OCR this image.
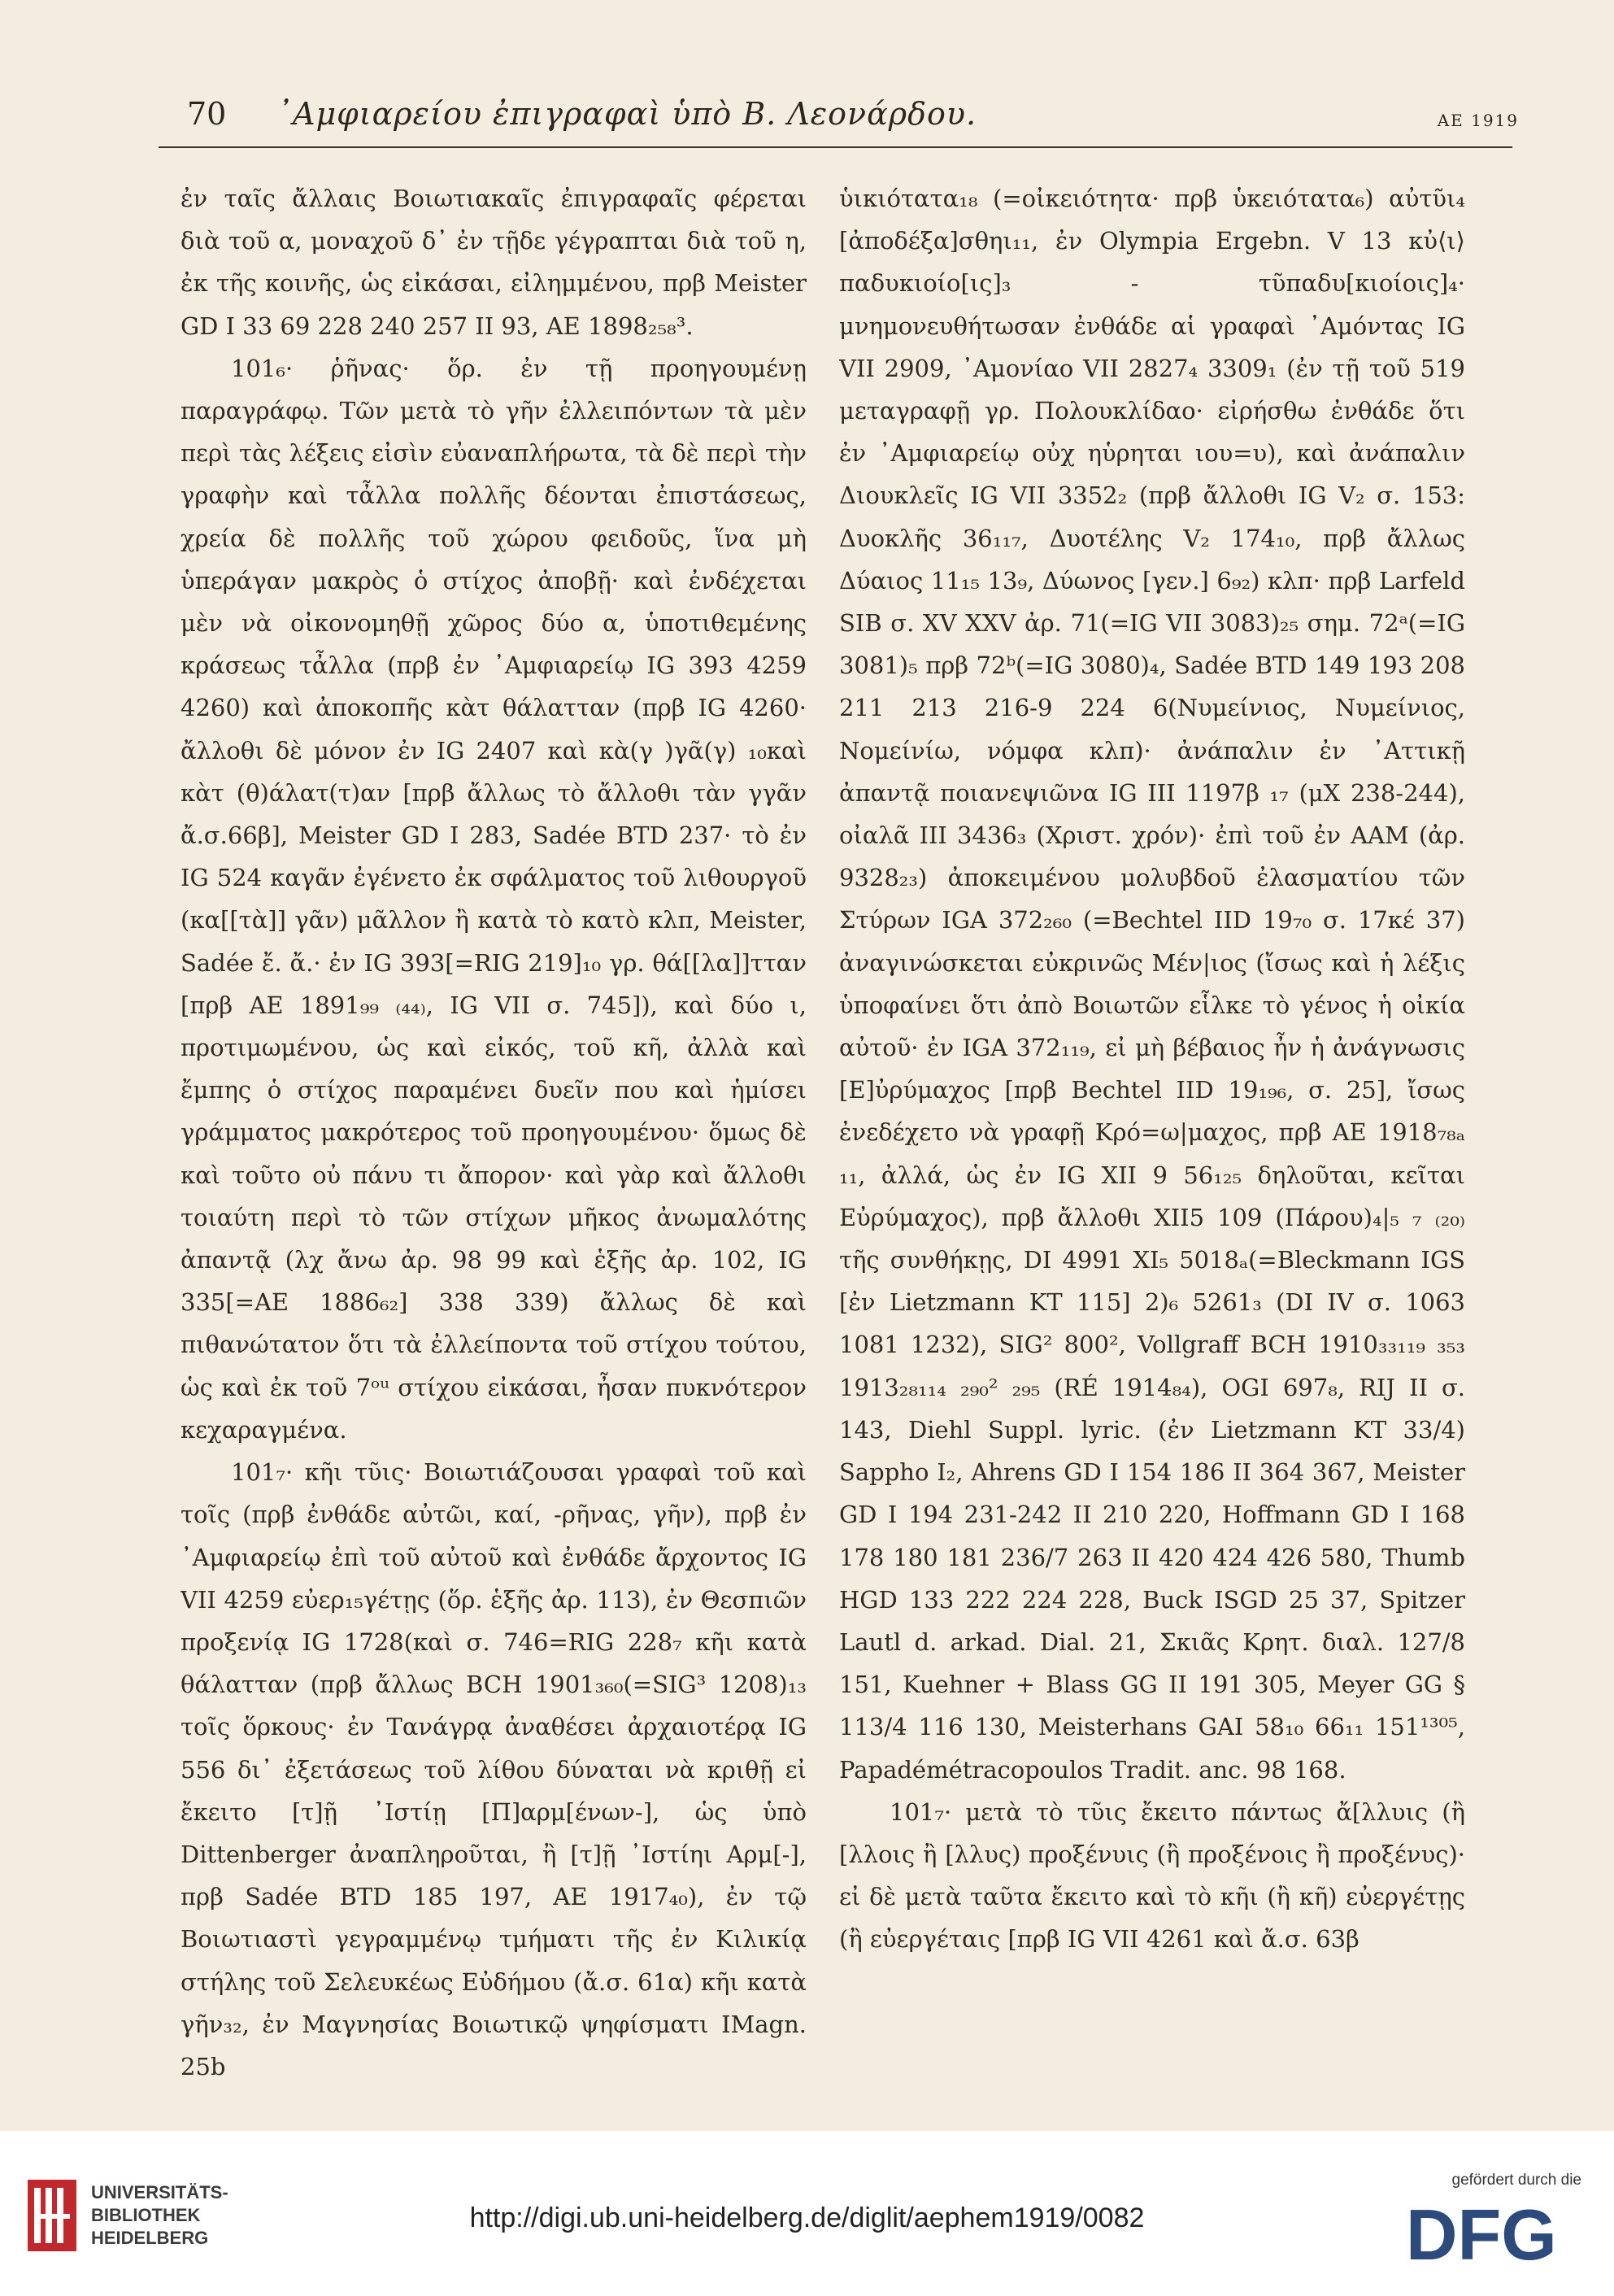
70 ᾿Αμφιαρείου ἐπιγραφαὶ ὑπὸ Β. Λεονάρδου.	ΑΕ 1919

ἐν ταῖς ἄλλαις Βοιωτιακαῖς ἐπιγραφαῖς φέρεται διὰ τοῦ α, μοναχοῦ δ᾿ ἐν τῇδε γέγραπται διὰ τοῦ η, ἐκ τῆς κοινῆς, ὡς εἰκάσαι, εἰλημμένου, πρβ Meister GD I 33 69 228 240 257 II 93, AE 1898₂₅₈³.

101₆· ῥῆνας· ὅρ. ἐν τῇ προηγουμένῃ παραγράφῳ. Τῶν μετὰ τὸ γῆν ἐλλειπόντων τὰ μὲν περὶ τὰς λέξεις εἰσὶν εὐαναπλήρωτα, τὰ δὲ περὶ τὴν γραφὴν καὶ τἆλλα πολλῆς δέονται ἐπιστάσεως, χρεία δὲ πολλῆς τοῦ χώρου φειδοῦς, ἵνα μὴ ὑπεράγαν μακρὸς ὁ στίχος ἀποβῇ· καὶ ἐνδέχεται μὲν νὰ οἰκονομηθῇ χῶρος δύο α, ὑποτιθεμένης κράσεως τἆλλα (πρβ ἐν ᾿Αμφιαρείῳ IG 393 4259 4260) καὶ ἀποκοπῆς κὰτ θάλατταν (πρβ IG 4260· ἄλλοθι δὲ μόνον ἐν IG 2407 καὶ κὰ(γ )γᾶ(γ) ₁₀καὶ κὰτ (θ)άλατ(τ)αν [πρβ ἄλλως τὸ ἄλλοθι τὰν γγᾶν ἄ.σ.66β], Meister GD I 283, Sadée BTD 237· τὸ ἐν IG 524 καγᾶν ἐγένετο ἐκ σφάλματος τοῦ λιθουργοῦ (κα[[τὰ]] γᾶν) μᾶλλον ἢ κατὰ τὸ κατὸ κλπ, Meister, Sadée ἔ. ἄ.· ἐν IG 393[=RIG 219]₁₀ γρ. θά[[λα]]τταν [πρβ AE 1891₉₉ ₍₄₄₎, IG VII σ. 745]), καὶ δύο ι, προτιμωμένου, ὡς καὶ εἰκός, τοῦ κῆ, ἀλλὰ καὶ ἔμπης ὁ στίχος παραμένει δυεῖν που καὶ ἡμίσει γράμματος μακρότερος τοῦ προηγουμένου· ὅμως δὲ καὶ τοῦτο οὐ πάνυ τι ἄπορον· καὶ γὰρ καὶ ἄλλοθι τοιαύτη περὶ τὸ τῶν στίχων μῆκος ἀνωμαλότης ἀπαντᾷ (λχ ἄνω ἀρ. 98 99 καὶ ἑξῆς ἀρ. 102, IG 335[=AE 1886₆₂] 338 339) ἄλλως δὲ καὶ πιθανώτατον ὅτι τὰ ἐλλείποντα τοῦ στίχου τούτου, ὡς καὶ ἐκ τοῦ 7ᵒᵘ στίχου εἰκάσαι, ἦσαν πυκνότερον κεχαραγμένα.

101₇· κῆι τῦις· Βοιωτιάζουσαι γραφαὶ τοῦ καὶ τοῖς (πρβ ἐνθάδε αὐτῶι, καί, -ρῆνας, γῆν), πρβ ἐν ᾿Αμφιαρείῳ ἐπὶ τοῦ αὐτοῦ καὶ ἐνθάδε ἄρχοντος IG VII 4259 εὐερ₁₅γέτῃς (ὅρ. ἑξῆς ἀρ. 113), ἐν Θεσπιῶν προξενίᾳ IG 1728(καὶ σ. 746=RIG 228₇ κῆι κατὰ θάλατταν (πρβ ἄλλως BCH 1901₃₆₀(=SIG³ 1208)₁₃ τοῖς ὅρκους· ἐν Τανάγρᾳ ἀναθέσει ἀρχαιοτέρᾳ IG 556 δι᾿ ἐξετάσεως τοῦ λίθου δύναται νὰ κριθῇ εἰ ἔκειτο [τ]ῇ ᾿Ιστίῃ [Π]αρμ[ένων-], ὡς ὑπὸ Dittenberger ἀναπληροῦται, ἢ [τ]ῇ ᾿Ιστίηι Αρμ[-], πρβ Sadée BTD 185 197, AE 1917₄₀), ἐν τῷ Βοιωτιαστὶ γεγραμμένῳ τμήματι τῆς ἐν Κιλικίᾳ στήλης τοῦ Σελευκέως Εὐδήμου (ἄ.σ. 61α) κῆι κατὰ γῆν₃₂, ἐν Μαγνησίας Βοιωτικῷ ψηφίσματι IMagn. 25b

ὑικιότατα₁₈ (=οἰκειότητα· πρβ ὑκειότατα₆) αὐτῦι₄ [ἀποδέξα]σθηι₁₁, ἐν Olympia Ergebn. V 13 κὐ⟨ι⟩παδυκιοίο[ις]₃ - τῦπαδυ[κιοίοις]₄· μνημονευθήτωσαν ἐνθάδε αἱ γραφαὶ ᾿Αμόντας IG VII 2909, ᾿Αμονίαο VII 2827₄ 3309₁ (ἐν τῇ τοῦ 519 μεταγραφῇ γρ. Πολουκλίδαο· εἰρήσθω ἐνθάδε ὅτι ἐν ᾿Αμφιαρείῳ οὐχ ηὑρηται ιου=υ), καὶ ἀνάπαλιν Διουκλεῖς IG VII 3352₂ (πρβ ἄλλοθι IG V₂ σ. 153: Δυοκλῆς 36₁₁₇, Δυοτέλης V₂ 174₁₀, πρβ ἄλλως Δύαιος 11₁₅ 13₉, Δύωνος [γεν.] 6₉₂) κλπ· πρβ Larfeld SIB σ. XV XXV ἀρ. 71(=IG VII 3083)₂₅ σημ. 72ᵃ(=IG 3081)₅ πρβ 72ᵇ(=IG 3080)₄, Sadée BTD 149 193 208 211 213 216-9 224 6(Νυμείνιος, Νυμείνιος, Νομείνίω, νόμφα κλπ)· ἀνάπαλιν ἐν ᾿Αττικῇ ἀπαντᾷ ποιανεψιῶνα IG III 1197β ₁₇ (μΧ 238-244), οἰαλᾶ III 3436₃ (Χριστ. χρόν)· ἐπὶ τοῦ ἐν ΑΑΜ (ἀρ. 9328₂₃) ἀποκειμένου μολυβδοῦ ἐλασματίου τῶν Στύρων IGA 372₂₆₀ (=Bechtel IID 19₇₀ σ. 17κέ 37) ἀναγινώσκεται εὐκρινῶς Μέν|ιος (ἴσως καὶ ἡ λέξις ὑποφαίνει ὅτι ἀπὸ Βοιωτῶν εἷλκε τὸ γένος ἡ οἰκία αὐτοῦ· ἐν IGA 372₁₁₉, εἰ μὴ βέβαιος ἦν ἡ ἀνάγνωσις [Ε]ὐρύμαχος [πρβ Bechtel IID 19₁₉₆, σ. 25], ἴσως ἐνεδέχετο νὰ γραφῇ Κρό=ω|μαχος, πρβ AE 1918₇₈ₐ ₁₁, ἀλλά, ὡς ἐν IG XII 9 56₁₂₅ δηλοῦται, κεῖται Εὐρύμαχος), πρβ ἄλλοθι XII5 109 (Πάρου)₄|₅ ₇ ₍₂₀₎ τῆς συνθήκῃς, DI 4991 XI₅ 5018ₐ(=Bleckmann IGS [ἐν Lietzmann KT 115] 2)₆ 5261₃ (DI IV σ. 1063 1081 1232), SIG² 800², Vollgraff BCH 1910₃₃₁₁₉ ₃₅₃ 1913₂₈₁₁₄ ₂₉₀² ₂₉₅ (RÉ 1914₈₄), OGI 697₈, RIJ II σ. 143, Diehl Suppl. lyric. (ἐν Lietzmann KT 33/4) Sappho I₂, Ahrens GD I 154 186 II 364 367, Meister GD I 194 231-242 II 210 220, Hoffmann GD I 168 178 180 181 236/7 263 II 420 424 426 580, Thumb HGD 133 222 224 228, Buck ISGD 25 37, Spitzer Lautl d. arkad. Dial. 21, Σκιᾶς Κρητ. διαλ. 127/8 151, Kuehner + Blass GG II 191 305, Meyer GG § 113/4 116 130, Meisterhans GAI 58₁₀ 66₁₁ 151¹³⁰⁵, Papadémétracopoulos Tradit. anc. 98 168.

101₇· μετὰ τὸ τῦις ἔκειτο πάντως ἄ[λλυις (ἢ [λλοις ἢ [λλυς) προξένυις (ἢ προξένοις ἢ προξένυς)· εἰ δὲ μετὰ ταῦτα ἔκειτο καὶ τὸ κῆι (ἢ κῆ) εὐεργέτῃς (ἢ εὐεργέταις [πρβ IG VII 4261 καὶ ἄ.σ. 63β

UNIVERSITÄTS-
BIBLIOTHEK
HEIDELBERG
http://digi.ub.uni-heidelberg.de/diglit/aephem1919/0082
gefördert durch die
DFG
